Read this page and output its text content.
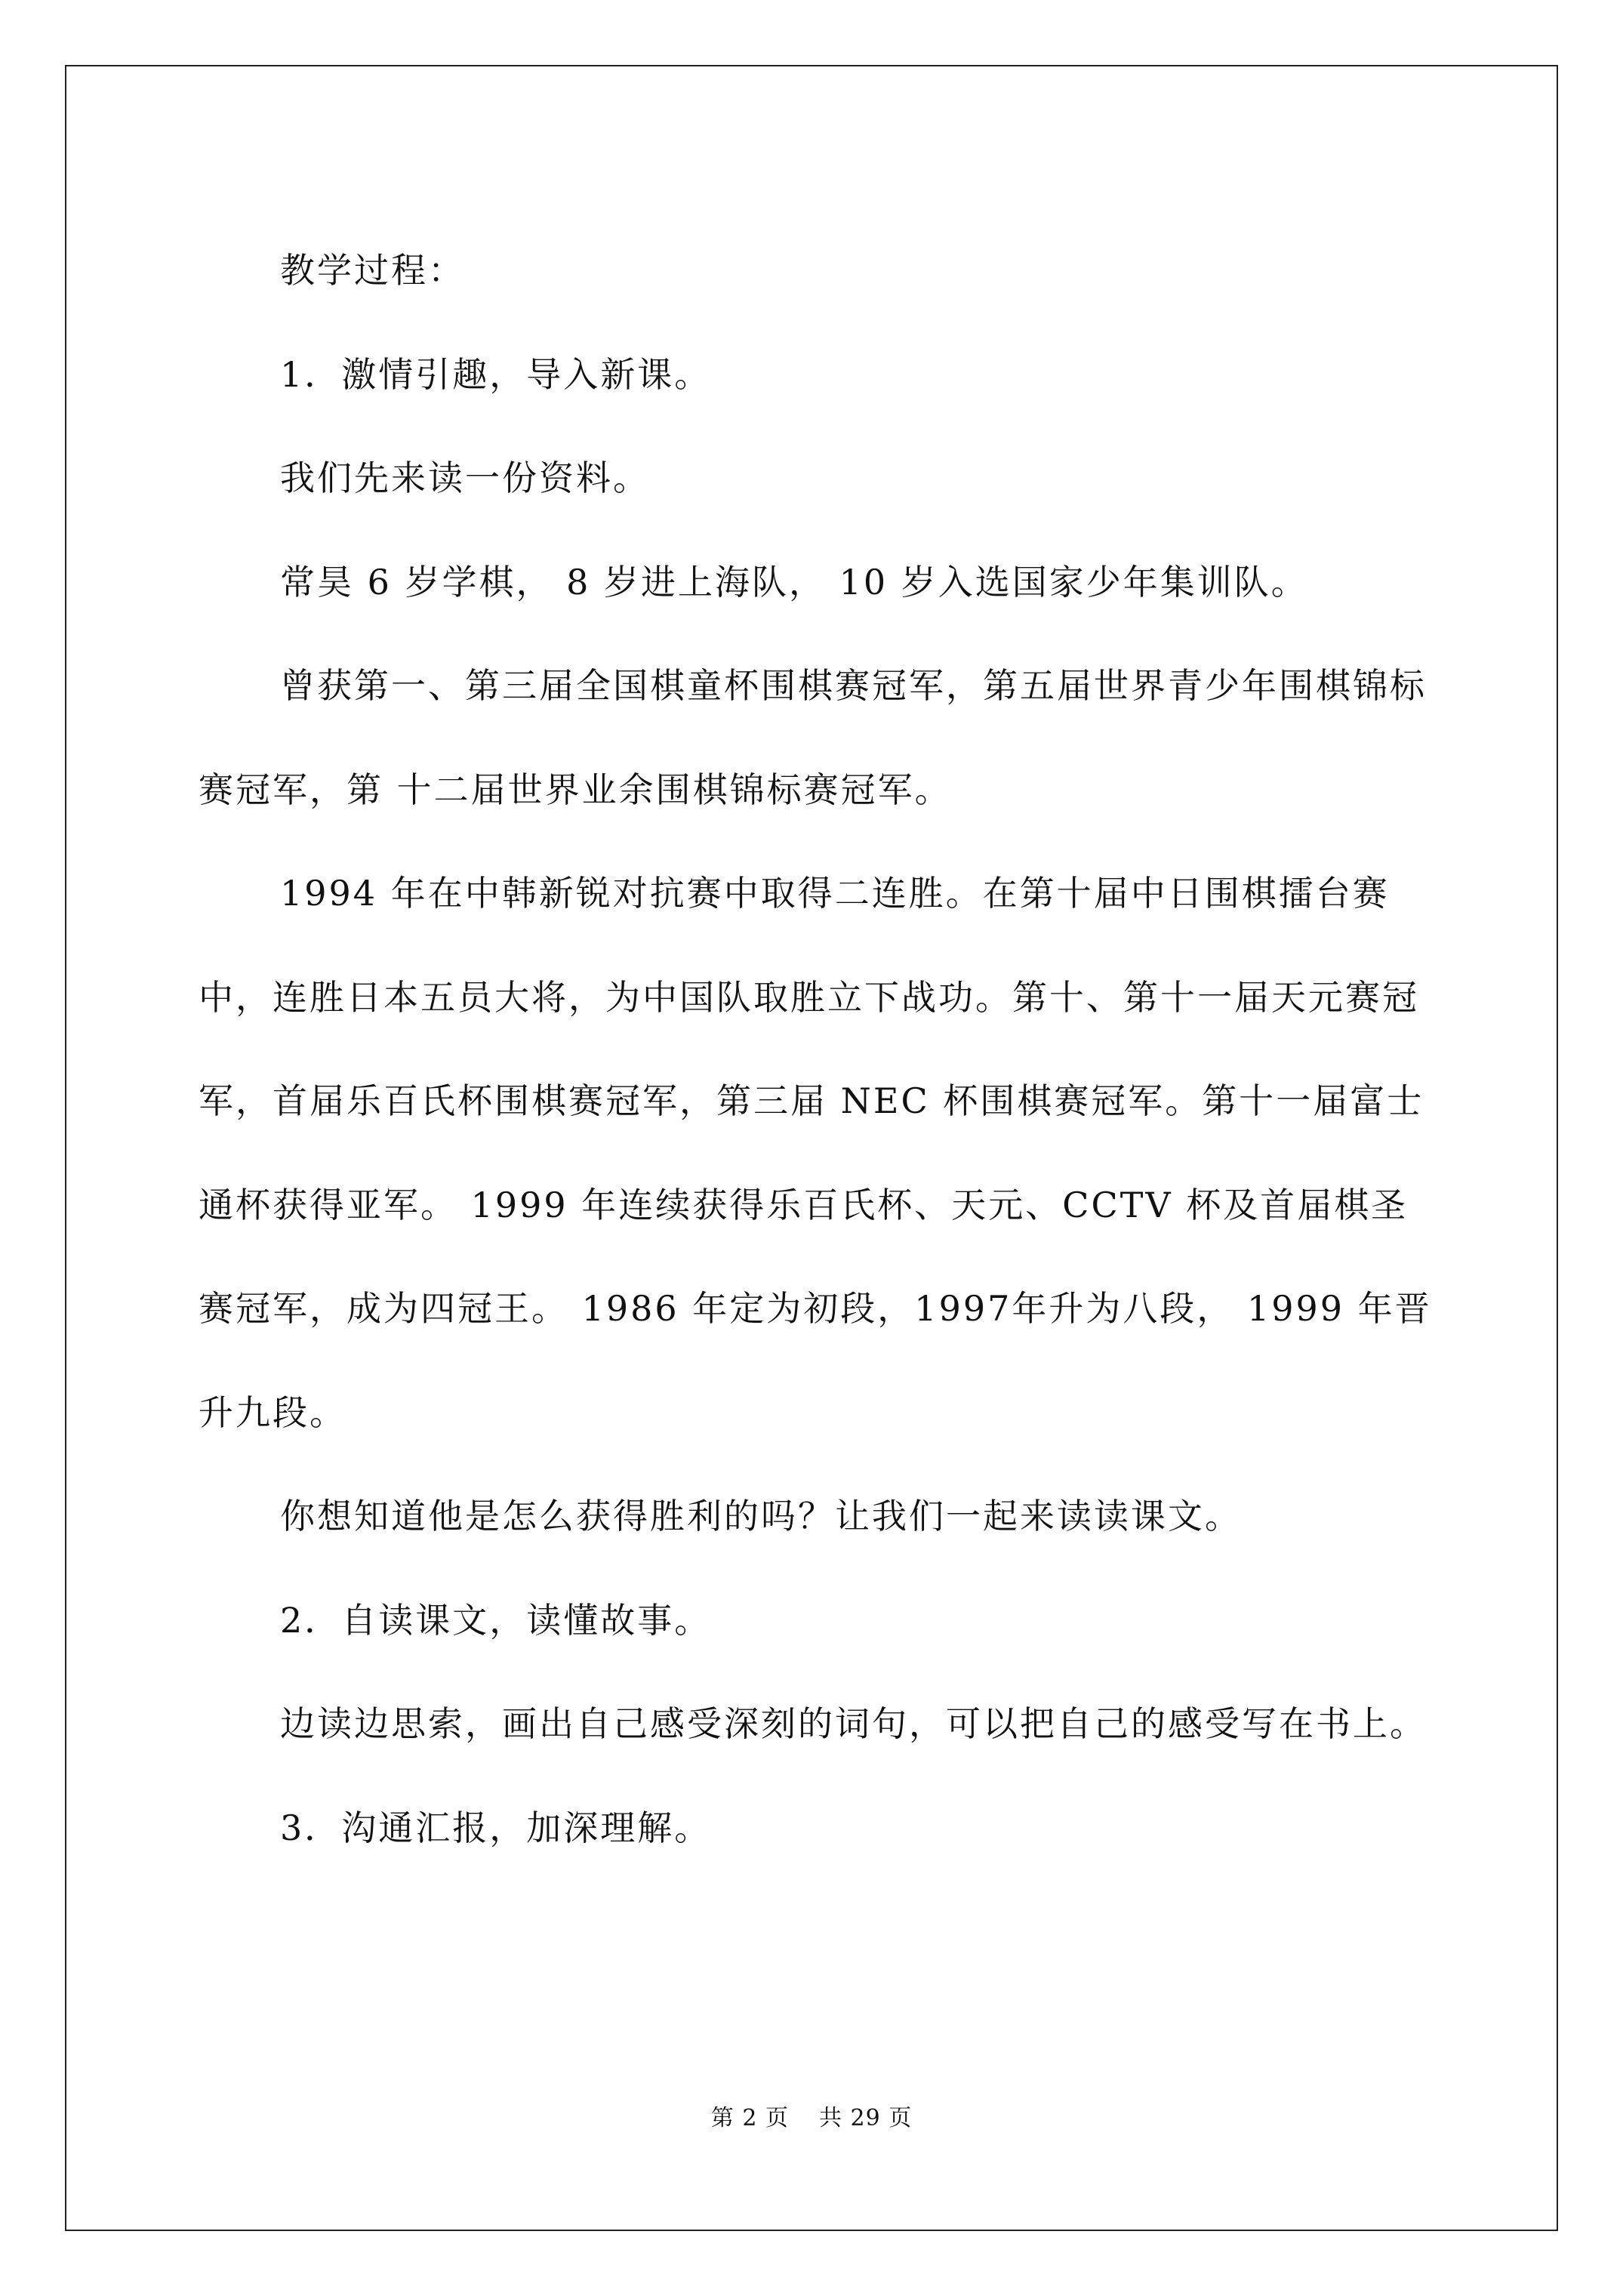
教学过程：

1．激情引趣，导入新课。

我们先来读一份资料。

常昊 6 岁学棋， 8 岁进上海队， 10 岁入选国家少年集训队。

曾获第一、第三届全国棋童杯围棋赛冠军，第五届世界青少年围棋锦标赛冠军，第 十二届世界业余围棋锦标赛冠军。

1994 年在中韩新锐对抗赛中取得二连胜。在第十届中日围棋擂台赛中，连胜日本五员大将，为中国队取胜立下战功。第十、第十一届天元赛冠军，首届乐百氏杯围棋赛冠军，第三届 NEC 杯围棋赛冠军。第十一届富士通杯获得亚军。 1999 年连续获得乐百氏杯、天元、CCTV 杯及首届棋圣赛冠军，成为四冠王。 1986 年定为初段，1997年升为八段， 1999 年晋升九段。

你想知道他是怎么获得胜利的吗？让我们一起来读读课文。

2．自读课文，读懂故事。

边读边思索，画出自己感受深刻的词句，可以把自己的感受写在书上。

3．沟通汇报，加深理解。

第 2 页 共 29 页
